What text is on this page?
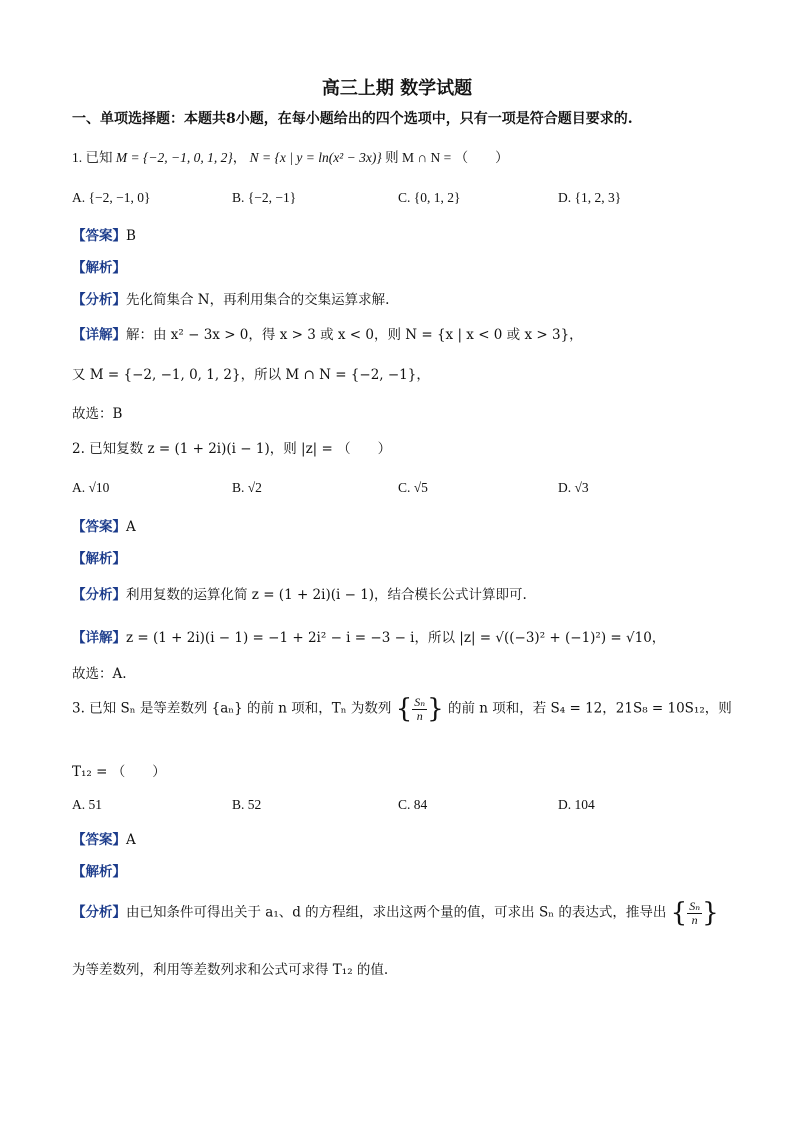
高三上期 数学试题
一、单项选择题：本题共8小题，在每小题给出的四个选项中，只有一项是符合题目要求的.
1. 已知 M = {−2, −1, 0, 1, 2}， N = {x | y = ln(x² − 3x)} 则 M ∩ N = （　　）
A. {−2, −1, 0}	B. {−2, −1}	C. {0, 1, 2}	D. {1, 2, 3}
【答案】B
【解析】
【分析】先化简集合 N，再利用集合的交集运算求解.
【详解】解：由 x² − 3x > 0，得 x > 3 或 x < 0，则 N = {x | x < 0 或 x > 3}，
又 M = {−2, −1, 0, 1, 2}，所以 M ∩ N = {−2, −1}，
故选：B
2. 已知复数 z = (1 + 2i)(i − 1)，则 |z| = （　　）
A. √10	B. √2	C. √5	D. √3
【答案】A
【解析】
【分析】利用复数的运算化简 z = (1 + 2i)(i − 1)，结合模长公式计算即可.
【详解】z = (1 + 2i)(i − 1) = −1 + 2i² − i = −3 − i，所以 |z| = √((−3)² + (−1)²) = √10，
故选：A.
3. 已知 Sₙ 是等差数列 {aₙ} 的前 n 项和，Tₙ 为数列 { $\frac{\text{Sₙ}}{n}$ } 的前 n 项和，若 S₄ = 12，21S₈ = 10S₁₂，则
T₁₂ = （　　）
A. 51	B. 52	C. 84	D. 104
【答案】A
【解析】
【分析】由已知条件可得出关于 a₁、d 的方程组，求出这两个量的值，可求出 Sₙ 的表达式，推导出 { $\frac{\text{Sₙ}}{n}$ }
为等差数列，利用等差数列求和公式可求得 T₁₂ 的值.
